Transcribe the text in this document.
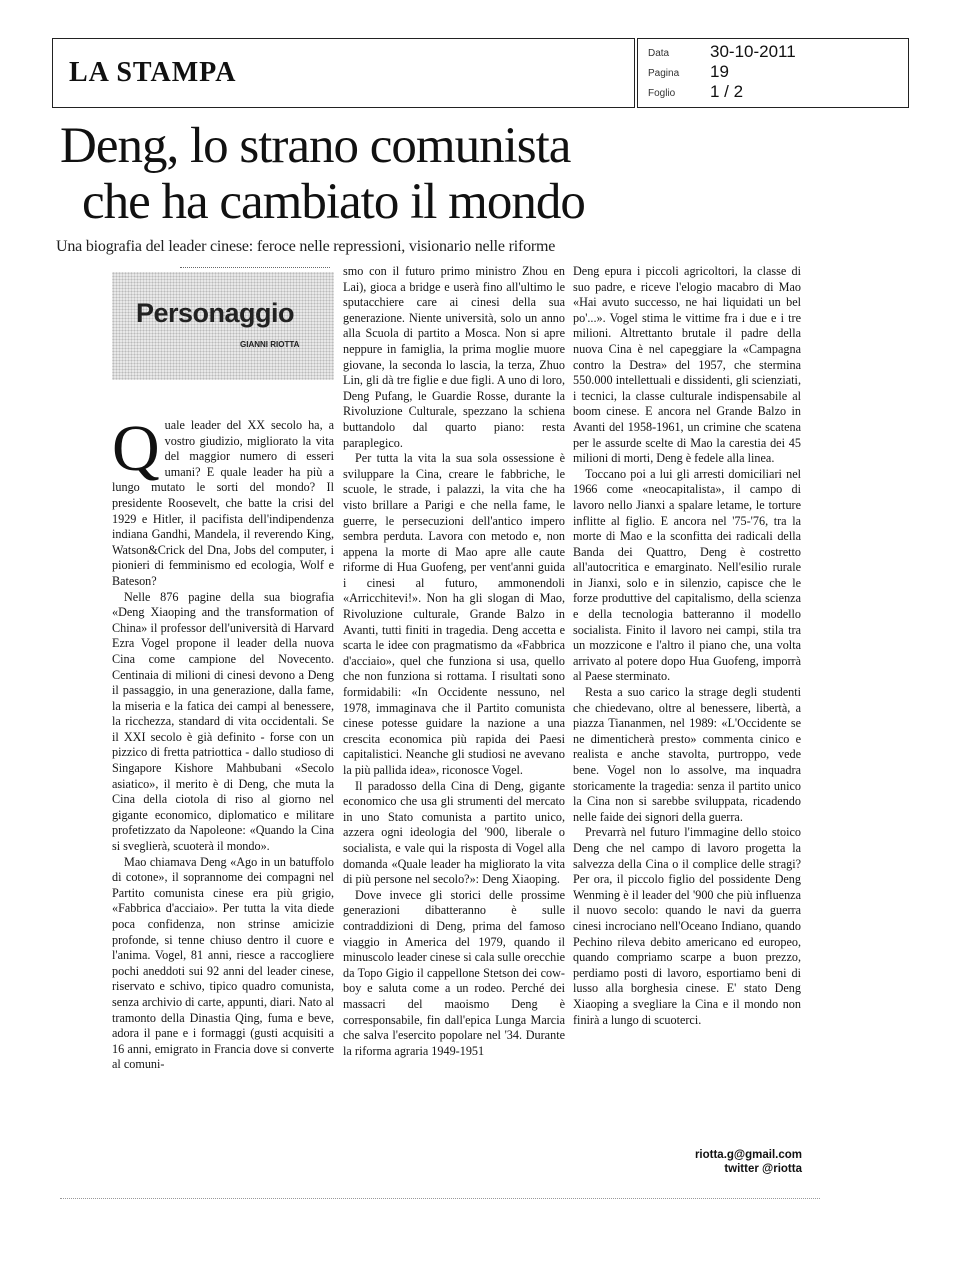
LA STAMPA
Data	30-10-2011
Pagina	19
Foglio	1 / 2
Deng, lo strano comunista
che ha cambiato il mondo
Una biografia del leader cinese: feroce nelle repressioni, visionario nelle riforme
Personaggio
GIANNI RIOTTA

Quale leader del XX secolo ha, a vostro giudizio, migliorato la vita del maggior numero di esseri umani? E quale leader ha più a lungo mutato le sorti del mondo? Il presidente Roosevelt, che batte la crisi del 1929 e Hitler, il pacifista dell'indipendenza indiana Gandhi, Mandela, il reverendo King, Watson&Crick del Dna, Jobs del computer, i pionieri di femminismo ed ecologia, Wolf e Bateson?

Nelle 876 pagine della sua biografia «Deng Xiaoping and the transformation of China» il professor dell'università di Harvard Ezra Vogel propone il leader della nuova Cina come campione del Novecento. Centinaia di milioni di cinesi devono a Deng il passaggio, in una generazione, dalla fame, la miseria e la fatica dei campi al benessere, la ricchezza, standard di vita occidentali. Se il XXI secolo è già definito - forse con un pizzico di fretta patriottica - dallo studioso di Singapore Kishore Mahbubani «Secolo asiatico», il merito è di Deng, che muta la Cina della ciotola di riso al giorno nel gigante economico, diplomatico e militare profetizzato da Napoleone: «Quando la Cina si sveglierà, scuoterà il mondo».

Mao chiamava Deng «Ago in un batuffolo di cotone», il soprannome dei compagni nel Partito comunista cinese era più grigio, «Fabbrica d'acciaio». Per tutta la vita diede poca confidenza, non strinse amicizie profonde, si tenne chiuso dentro il cuore e l'anima. Vogel, 81 anni, riesce a raccogliere pochi aneddoti sui 92 anni del leader cinese, riservato e schivo, tipico quadro comunista, senza archivio di carte, appunti, diari. Nato al tramonto della Dinastia Qing, fuma e beve, adora il pane e i formaggi (gusti acquisiti a 16 anni, emigrato in Francia dove si converte al comuni-

smo con il futuro primo ministro Zhou en Lai), gioca a bridge e userà fino all'ultimo le sputacchiere care ai cinesi della sua generazione. Niente università, solo un anno alla Scuola di partito a Mosca. Non si apre neppure in famiglia, la prima moglie muore giovane, la seconda lo lascia, la terza, Zhuo Lin, gli dà tre figlie e due figli. A uno di loro, Deng Pufang, le Guardie Rosse, durante la Rivoluzione Culturale, spezzano la schiena buttandolo dal quarto piano: resta paraplegico.

Per tutta la vita la sua sola ossessione è sviluppare la Cina, creare le fabbriche, le scuole, le strade, i palazzi, la vita che ha visto brillare a Parigi e che nella fame, le guerre, le persecuzioni dell'antico impero sembra perduta. Lavora con metodo e, non appena la morte di Mao apre alle caute riforme di Hua Guofeng, per vent'anni guida i cinesi al futuro, ammonendoli «Arricchitevi!». Non ha gli slogan di Mao, Rivoluzione culturale, Grande Balzo in Avanti, tutti finiti in tragedia. Deng accetta e scarta le idee con pragmatismo da «Fabbrica d'acciaio», quel che funziona si usa, quello che non funziona si rottama. I risultati sono formidabili: «In Occidente nessuno, nel 1978, immaginava che il Partito comunista cinese potesse guidare la nazione a una crescita economica più rapida dei Paesi capitalistici. Neanche gli studiosi ne avevano la più pallida idea», riconosce Vogel.

Il paradosso della Cina di Deng, gigante economico che usa gli strumenti del mercato in uno Stato comunista a partito unico, azzera ogni ideologia del '900, liberale o socialista, e vale qui la risposta di Vogel alla domanda «Quale leader ha migliorato la vita di più persone nel secolo?»: Deng Xiaoping.

Dove invece gli storici delle prossime generazioni dibatteranno è sulle contraddizioni di Deng, prima del famoso viaggio in America del 1979, quando il minuscolo leader cinese si cala sulle orecchie da Topo Gigio il cappellone Stetson dei cow-boy e saluta come a un rodeo. Perché dei massacri del maoismo Deng è corresponsabile, fin dall'epica Lunga Marcia che salva l'esercito popolare nel '34. Durante la riforma agraria 1949-1951

Deng epura i piccoli agricoltori, la classe di suo padre, e riceve l'elogio macabro di Mao «Hai avuto successo, ne hai liquidati un bel po'...». Vogel stima le vittime fra i due e i tre milioni. Altrettanto brutale il padre della nuova Cina è nel capeggiare la «Campagna contro la Destra» del 1957, che stermina 550.000 intellettuali e dissidenti, gli scienziati, i tecnici, la classe culturale indispensabile al boom cinese. E ancora nel Grande Balzo in Avanti del 1958-1961, un crimine che scatena per le assurde scelte di Mao la carestia dei 45 milioni di morti, Deng è fedele alla linea.

Toccano poi a lui gli arresti domiciliari nel 1966 come «neocapitalista», il campo di lavoro nello Jianxi a spalare letame, le torture inflitte al figlio. E ancora nel '75-'76, tra la morte di Mao e la sconfitta dei radicali della Banda dei Quattro, Deng è costretto all'autocritica e emarginato. Nell'esilio rurale in Jianxi, solo e in silenzio, capisce che le forze produttive del capitalismo, della scienza e della tecnologia batteranno il modello socialista. Finito il lavoro nei campi, stila tra un mozzicone e l'altro il piano che, una volta arrivato al potere dopo Hua Guofeng, imporrà al Paese sterminato.

Resta a suo carico la strage degli studenti che chiedevano, oltre al benessere, libertà, a piazza Tiananmen, nel 1989: «L'Occidente se ne dimenticherà presto» commenta cinico e realista e anche stavolta, purtroppo, vede bene. Vogel non lo assolve, ma inquadra storicamente la tragedia: senza il partito unico la Cina non si sarebbe sviluppata, ricadendo nelle faide dei signori della guerra.

Prevarrà nel futuro l'immagine dello stoico Deng che nel campo di lavoro progetta la salvezza della Cina o il complice delle stragi? Per ora, il piccolo figlio del possidente Deng Wenming è il leader del '900 che più influenza il nuovo secolo: quando le navi da guerra cinesi incrociano nell'Oceano Indiano, quando Pechino rileva debito americano ed europeo, quando compriamo scarpe a buon prezzo, perdiamo posti di lavoro, esportiamo beni di lusso alla borghesia cinese. E' stato Deng Xiaoping a svegliare la Cina e il mondo non finirà a lungo di scuoterci.

riotta.g@gmail.com
twitter @riotta
